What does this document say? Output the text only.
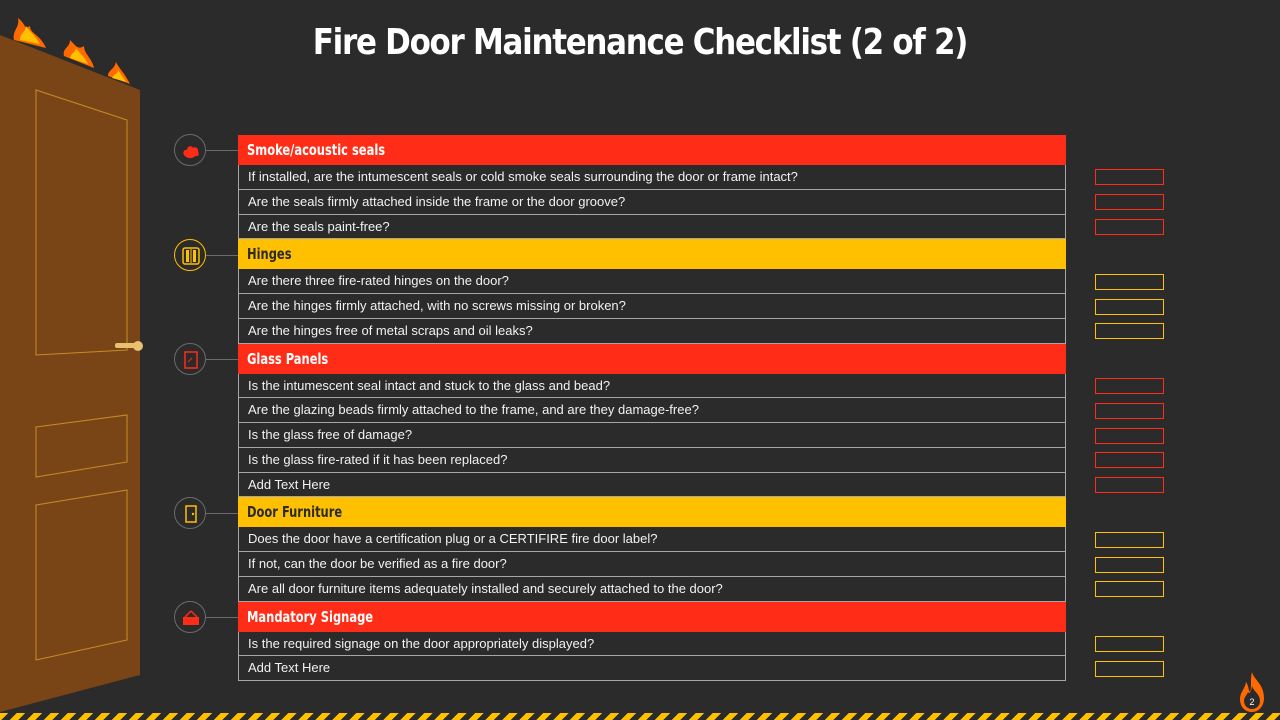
Fire Door Maintenance Checklist (2 of 2)
Smoke/acoustic seals
If installed, are the intumescent seals or cold smoke seals surrounding the door or frame intact?
Are the seals firmly attached inside the frame or the door groove?
Are the seals paint-free?
Hinges
Are there three fire-rated hinges on the door?
Are the hinges firmly attached, with no screws missing or broken?
Are the hinges free of metal scraps and oil leaks?
Glass Panels
Is the intumescent seal intact and stuck to the glass and bead?
Are the glazing beads firmly attached to the frame, and are they damage-free?
Is the glass free of damage?
Is the glass fire-rated if it has been replaced?
Add Text Here
Door Furniture
Does the door have a certification plug or a CERTIFIRE fire door label?
If not, can the door be verified as a fire door?
Are all door furniture items adequately installed and securely attached to the door?
Mandatory Signage
Is the required signage on the door appropriately displayed?
Add Text Here
2
